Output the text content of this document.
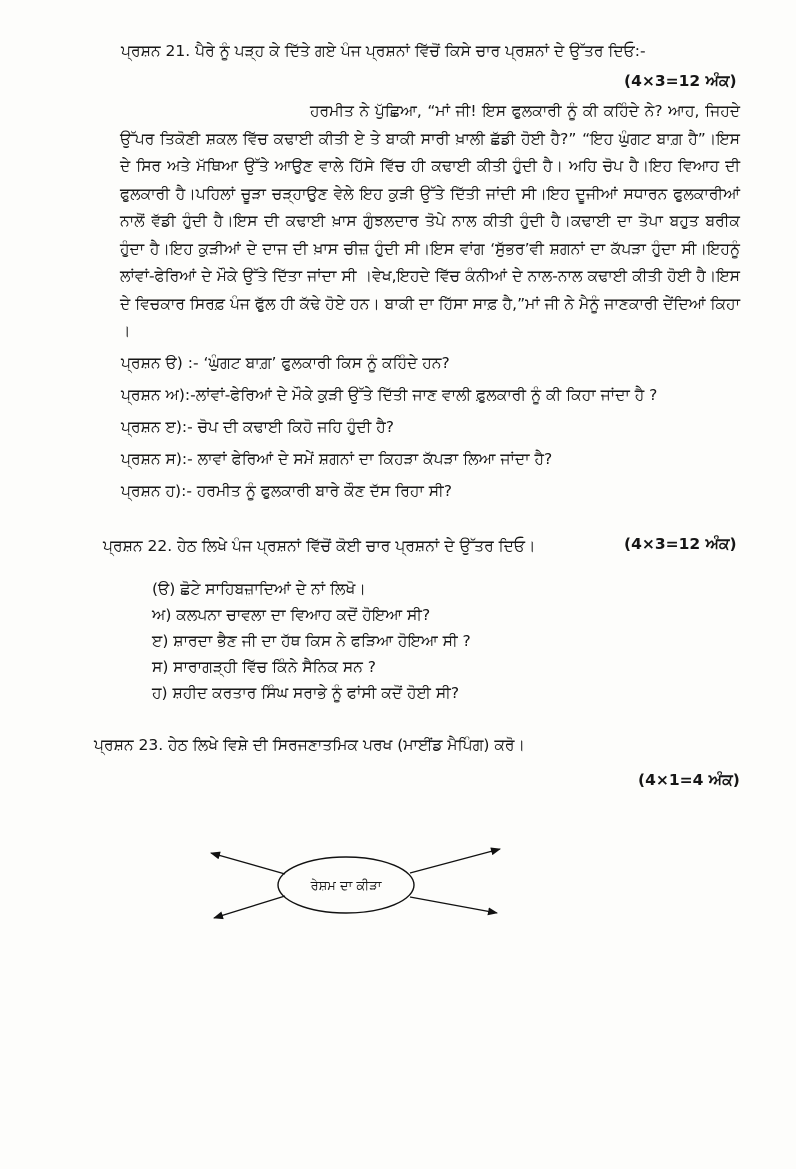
ਪ੍ਰਸ਼ਨ 21. ਪੈਰੇ ਨੂੰ ਪੜ੍ਹ ਕੇ ਦਿੱਤੇ ਗਏ ਪੰਜ ਪ੍ਰਸ਼ਨਾਂ ਵਿੱਚੋਂ ਕਿਸੇ ਚਾਰ ਪ੍ਰਸ਼ਨਾਂ ਦੇ ਉੱਤਰ ਦਿਓ:-
(4×3=12 ਅੰਕ)
ਹਰਮੀਤ ਨੇ ਪੁੱਛਿਆ, “ਮਾਂ ਜੀ! ਇਸ ਫੁਲਕਾਰੀ ਨੂੰ ਕੀ ਕਹਿੰਦੇ ਨੇ? ਆਹ, ਜਿਹਦੇ ਉੱਪਰ ਤਿਕੋਣੀ ਸ਼ਕਲ ਵਿੱਚ ਕਢਾਈ ਕੀਤੀ ਏ ਤੇ ਬਾਕੀ ਸਾਰੀ ਖ਼ਾਲੀ ਛੱਡੀ ਹੋਈ ਹੈ?” “ਇਹ ਘੁੰਗਟ ਬਾਗ਼ ਹੈ”।ਇਸ ਦੇ ਸਿਰ ਅਤੇ ਮੱਥਿਆ ਉੱਤੇ ਆਉਣ ਵਾਲੇ ਹਿੱਸੇ ਵਿੱਚ ਹੀ ਕਢਾਈ ਕੀਤੀ ਹੁੰਦੀ ਹੈ। ਅਹਿ ਚੋਪ ਹੈ।ਇਹ ਵਿਆਹ ਦੀ ਫੁਲਕਾਰੀ ਹੈ।ਪਹਿਲਾਂ ਚੂੜਾ ਚੜ੍ਹਾਉਣ ਵੇਲੇ ਇਹ ਕੁੜੀ ਉੱਤੇ ਦਿੱਤੀ ਜਾਂਦੀ ਸੀ।ਇਹ ਦੂਜੀਆਂ ਸਧਾਰਨ ਫੁਲਕਾਰੀਆਂ ਨਾਲੋਂ ਵੱਡੀ ਹੁੰਦੀ ਹੈ।ਇਸ ਦੀ ਕਢਾਈ ਖ਼ਾਸ ਗੁੰਝਲਦਾਰ ਤੋਪੇ ਨਾਲ ਕੀਤੀ ਹੁੰਦੀ ਹੈ।ਕਢਾਈ ਦਾ ਤੋਪਾ ਬਹੁਤ ਬਰੀਕ ਹੁੰਦਾ ਹੈ।ਇਹ ਕੁੜੀਆਂ ਦੇ ਦਾਜ ਦੀ ਖ਼ਾਸ ਚੀਜ਼ ਹੁੰਦੀ ਸੀ।ਇਸ ਵਾਂਗ ‘ਸੁੱਭਰ’ਵੀ ਸ਼ਗਨਾਂ ਦਾ ਕੱਪੜਾ ਹੁੰਦਾ ਸੀ।ਇਹਨੂੰ ਲਾਂਵਾਂ-ਫੇਰਿਆਂ ਦੇ ਮੌਕੇ ਉੱਤੇ ਦਿੱਤਾ ਜਾਂਦਾ ਸੀ ।ਵੇਖ,ਇਹਦੇ ਵਿੱਚ ਕੰਨੀਆਂ ਦੇ ਨਾਲ-ਨਾਲ ਕਢਾਈ ਕੀਤੀ ਹੋਈ ਹੈ।ਇਸ ਦੇ ਵਿਚਕਾਰ ਸਿਰਫ਼ ਪੰਜ ਫੁੱਲ ਹੀ ਕੱਢੇ ਹੋਏ ਹਨ। ਬਾਕੀ ਦਾ ਹਿੱਸਾ ਸਾਫ਼ ਹੈ,”ਮਾਂ ਜੀ ਨੇ ਮੈਨੂੰ ਜਾਣਕਾਰੀ ਦੇਂਦਿਆਂ ਕਿਹਾ ।
ਪ੍ਰਸ਼ਨ ੳ) :- ‘ਘੁੰਗਟ ਬਾਗ਼’ ਫੁਲਕਾਰੀ ਕਿਸ ਨੂੰ ਕਹਿੰਦੇ ਹਨ?
ਪ੍ਰਸ਼ਨ ਅ):-ਲਾਂਵਾਂ-ਫੇਰਿਆਂ ਦੇ ਮੌਕੇ ਕੁੜੀ ਉੱਤੇ ਦਿੱਤੀ ਜਾਣ ਵਾਲੀ ਫ਼ੁਲਕਾਰੀ ਨੂੰ ਕੀ ਕਿਹਾ ਜਾਂਦਾ ਹੈ ?
ਪ੍ਰਸ਼ਨ ੲ):- ਚੋਪ ਦੀ ਕਢਾਈ ਕਿਹੋ ਜਹਿ ਹੁੰਦੀ ਹੈ?
ਪ੍ਰਸ਼ਨ ਸ):- ਲਾਵਾਂ ਫੇਰਿਆਂ ਦੇ ਸਮੇਂ ਸ਼ਗਨਾਂ ਦਾ ਕਿਹੜਾ ਕੱਪੜਾ ਲਿਆ ਜਾਂਦਾ ਹੈ?
ਪ੍ਰਸ਼ਨ ਹ):- ਹਰਮੀਤ ਨੂੰ ਫੁਲਕਾਰੀ ਬਾਰੇ ਕੌਣ ਦੱਸ ਰਿਹਾ ਸੀ?
ਪ੍ਰਸ਼ਨ 22. ਹੇਠ ਲਿਖੇ ਪੰਜ ਪ੍ਰਸ਼ਨਾਂ ਵਿੱਚੋਂ ਕੋਈ ਚਾਰ ਪ੍ਰਸ਼ਨਾਂ ਦੇ ਉੱਤਰ ਦਿਓ।	(4×3=12 ਅੰਕ)
(ੳ) ਛੋਟੇ ਸਾਹਿਬਜ਼ਾਦਿਆਂ ਦੇ ਨਾਂ ਲਿਖੋ।
ਅ) ਕਲਪਨਾ ਚਾਵਲਾ ਦਾ ਵਿਆਹ ਕਦੋਂ ਹੋਇਆ ਸੀ?
ੲ) ਸ਼ਾਰਦਾ ਭੈਣ ਜੀ ਦਾ ਹੱਥ ਕਿਸ ਨੇ ਫੜਿਆ ਹੋਇਆ ਸੀ ?
ਸ) ਸਾਰਾਗੜ੍ਹੀ ਵਿੱਚ ਕਿੰਨੇ ਸੈਨਿਕ ਸਨ ?
ਹ) ਸ਼ਹੀਦ ਕਰਤਾਰ ਸਿੰਘ ਸਰਾਭੇ ਨੂੰ ਫਾਂਸੀ ਕਦੋਂ ਹੋਈ ਸੀ?
ਪ੍ਰਸ਼ਨ 23. ਹੇਠ ਲਿਖੇ ਵਿਸ਼ੇ ਦੀ ਸਿਰਜਣਾਤਮਿਕ ਪਰਖ (ਮਾਈਂਡ ਮੈਪਿੰਗ) ਕਰੋ।
(4×1=4 ਅੰਕ)
ਰੇਸ਼ਮ ਦਾ ਕੀੜਾ
